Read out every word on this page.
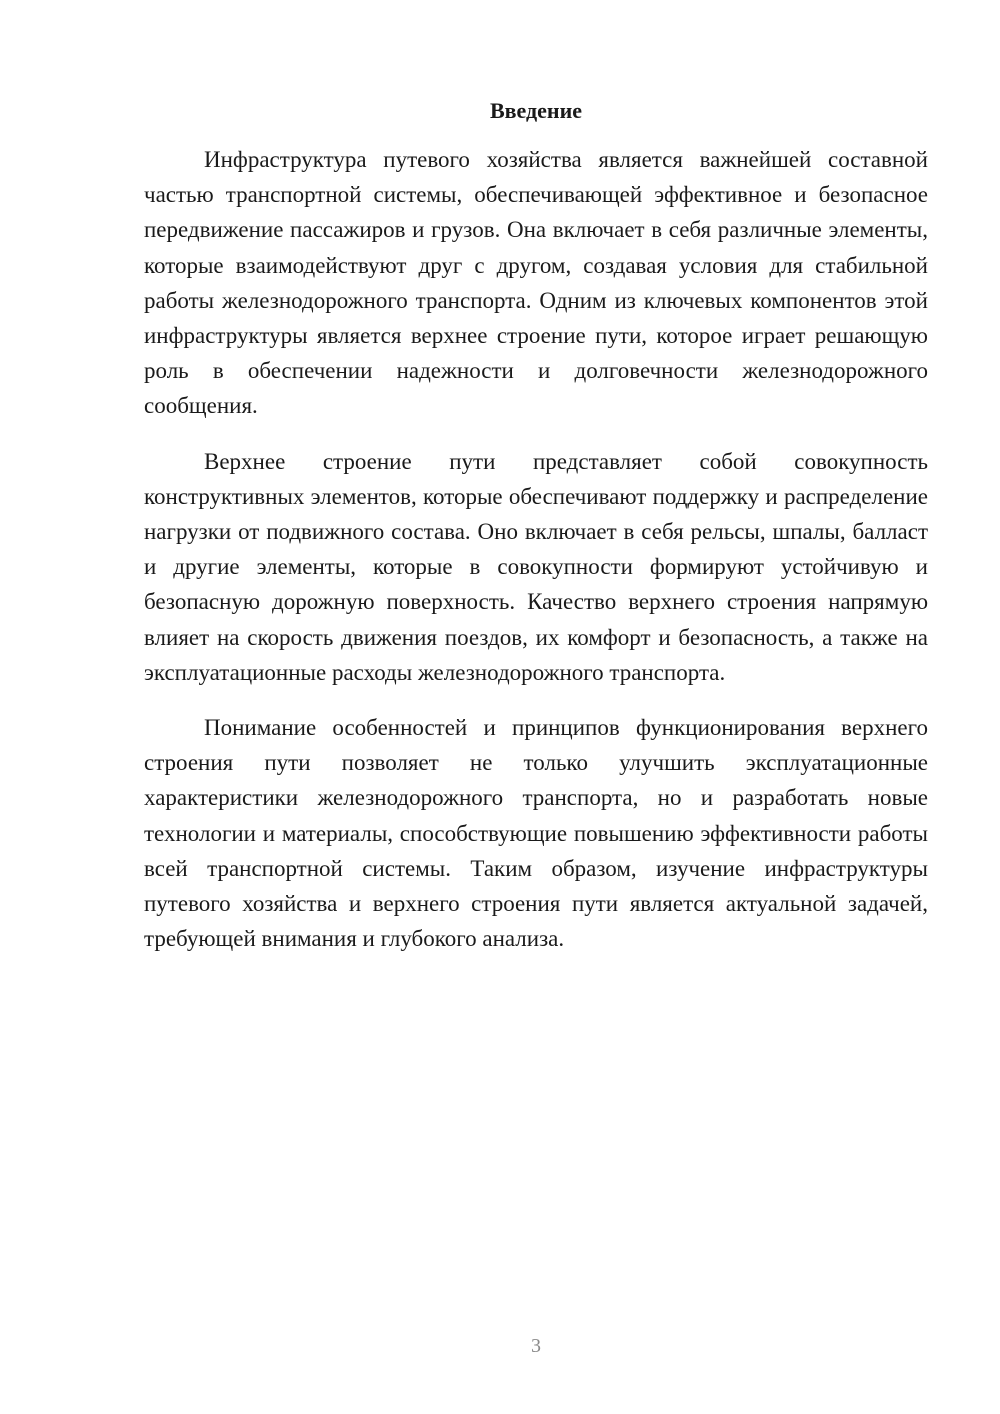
Введение

Инфраструктура путевого хозяйства является важнейшей составной частью транспортной системы, обеспечивающей эффективное и безопасное передвижение пассажиров и грузов. Она включает в себя различные элементы, которые взаимодействуют друг с другом, создавая условия для стабильной работы железнодорожного транспорта. Одним из ключевых компонентов этой инфраструктуры является верхнее строение пути, которое играет решающую роль в обеспечении надежности и долговечности железнодорожного сообщения.

Верхнее строение пути представляет собой совокупность конструктивных элементов, которые обеспечивают поддержку и распределение нагрузки от подвижного состава. Оно включает в себя рельсы, шпалы, балласт и другие элементы, которые в совокупности формируют устойчивую и безопасную дорожную поверхность. Качество верхнего строения напрямую влияет на скорость движения поездов, их комфорт и безопасность, а также на эксплуатационные расходы железнодорожного транспорта.

Понимание особенностей и принципов функционирования верхнего строения пути позволяет не только улучшить эксплуатационные характеристики железнодорожного транспорта, но и разработать новые технологии и материалы, способствующие повышению эффективности работы всей транспортной системы. Таким образом, изучение инфраструктуры путевого хозяйства и верхнего строения пути является актуальной задачей, требующей внимания и глубокого анализа.

3
